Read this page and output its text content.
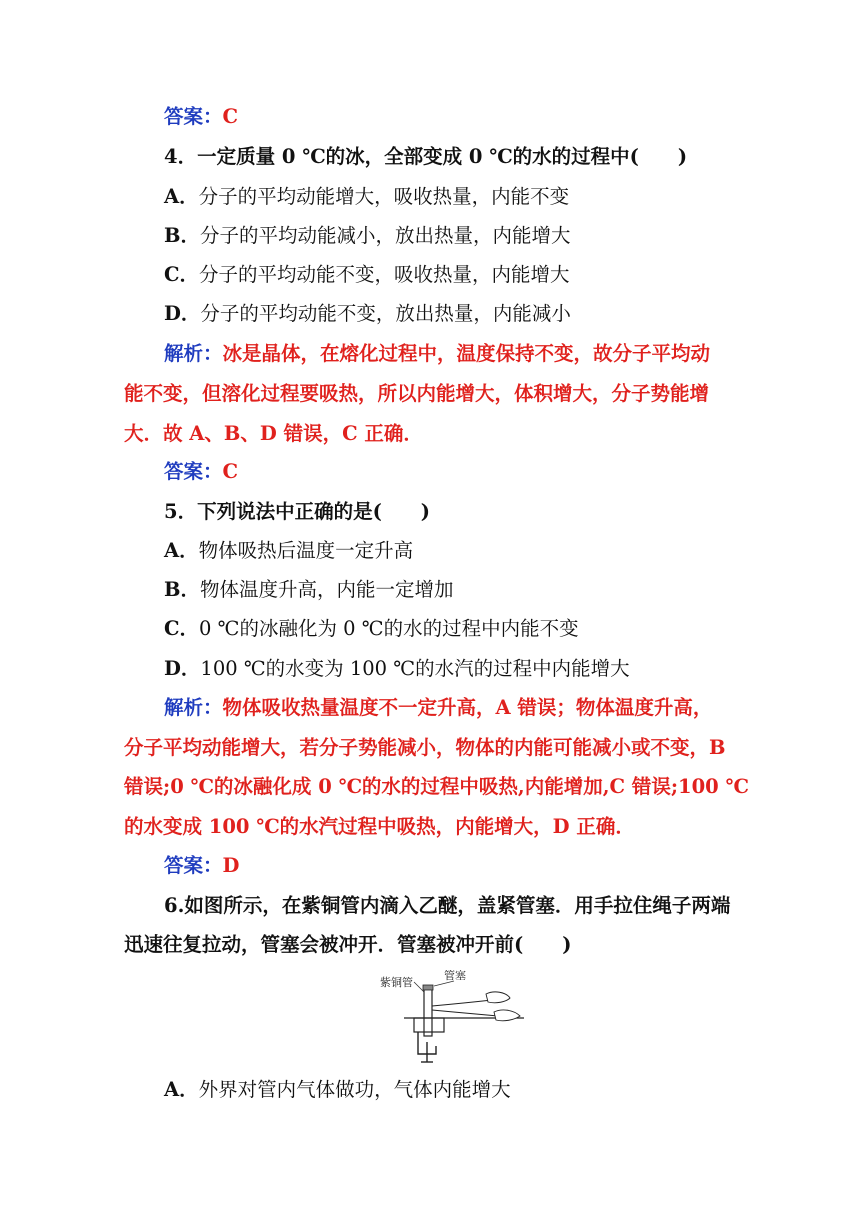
答案：C
4．一定质量 0 ℃的冰，全部变成 0 ℃的水的过程中(　　)
A．分子的平均动能增大，吸收热量，内能不变
B．分子的平均动能减小，放出热量，内能增大
C．分子的平均动能不变，吸收热量，内能增大
D．分子的平均动能不变，放出热量，内能减小
解析：冰是晶体，在熔化过程中，温度保持不变，故分子平均动
能不变，但溶化过程要吸热，所以内能增大，体积增大，分子势能增
大．故 A、B、D 错误，C 正确．
答案：C
5．下列说法中正确的是(　　)
A．物体吸热后温度一定升高
B．物体温度升高，内能一定增加
C．0 ℃的冰融化为 0 ℃的水的过程中内能不变
D．100 ℃的水变为 100 ℃的水汽的过程中内能增大
解析：物体吸收热量温度不一定升高，A 错误；物体温度升高，
分子平均动能增大，若分子势能减小，物体的内能可能减小或不变，B
错误;0 ℃的冰融化成 0 ℃的水的过程中吸热,内能增加,C 错误;100 ℃
的水变成 100 ℃的水汽过程中吸热，内能增大，D 正确．
答案：D
6.如图所示，在紫铜管内滴入乙醚，盖紧管塞．用手拉住绳子两端
迅速往复拉动，管塞会被冲开．管塞被冲开前(　　)
紫铜管
管塞
A．外界对管内气体做功，气体内能增大
